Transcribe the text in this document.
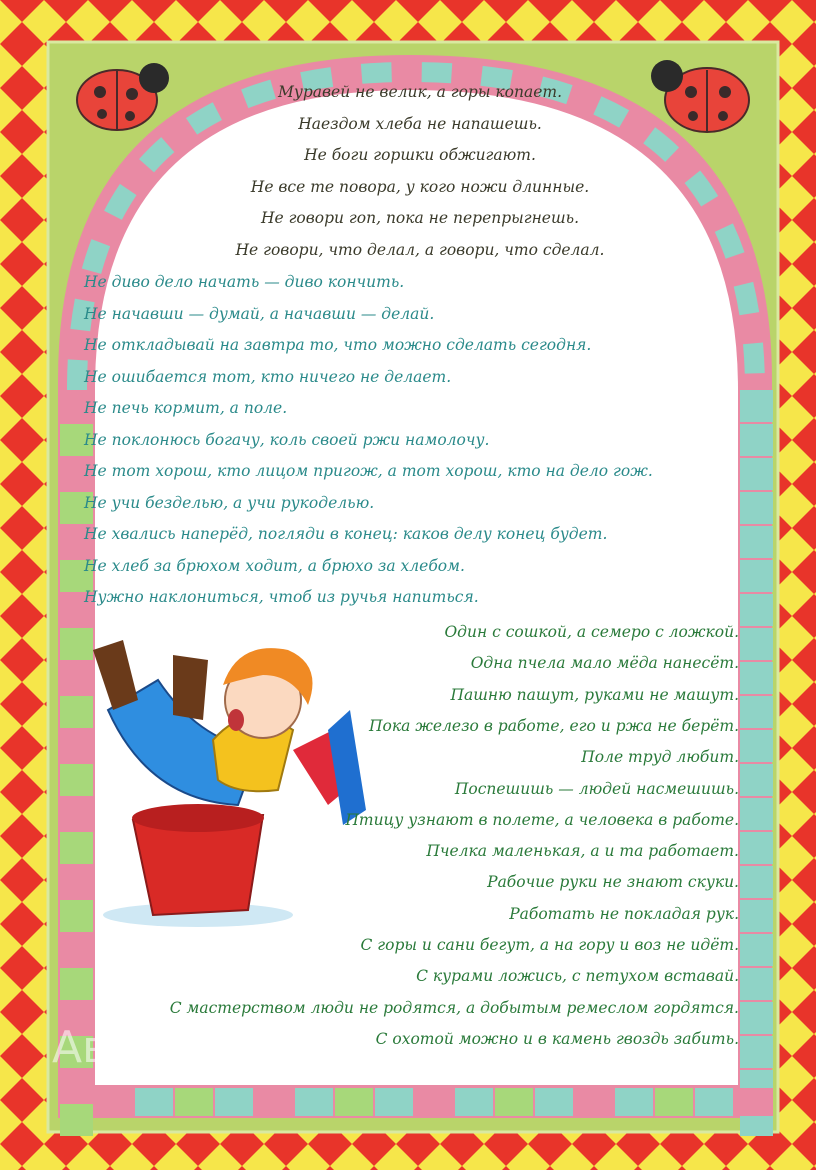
Муравей не велик, а горы копает.
Наездом хлеба не напашешь.
Не боги горшки обжигают.
Не все те повора, у кого ножи длинные.
Не говори гоп, пока не перепрыгнешь.
Не говори, что делал, а говори, что сделал.
Не диво дело начать — диво кончить.
Не начавши — думай, а начавши — делай.
Не откладывай на завтра то, что можно сделать сегодня.
Не ошибается тот, кто ничего не делает.
Не печь кормит, а поле.
Не поклонюсь богачу, коль своей ржи намолочу.
Не тот хорош, кто лицом пригож, а тот хорош, кто на дело гож.
Не учи безделью, а учи рукоделью.
Не хвались наперёд, погляди в конец: каков делу конец будет.
Не хлеб за брюхом ходит, а брюхо за хлебом.
Нужно наклониться, чтоб из ручья напиться.
Один с сошкой, а семеро с ложкой.
Одна пчела мало мёда нанесёт.
Пашню пашут, руками не машут.
Пока железо в работе, его и ржа не берёт.
Поле труд любит.
Поспешишь — людей насмешишь.
Птицу узнают в полете, а человека в работе.
Пчелка маленькая, а и та работает.
Рабочие руки не знают скуки.
Работать не покладая рук.
С горы и сани бегут, а на гору и воз не идёт.
С курами ложись, с петухом вставай.
С мастерством люди не родятся, а добытым ремеслом гордятся.
С охотой можно и в камень гвоздь забить.
Ав
